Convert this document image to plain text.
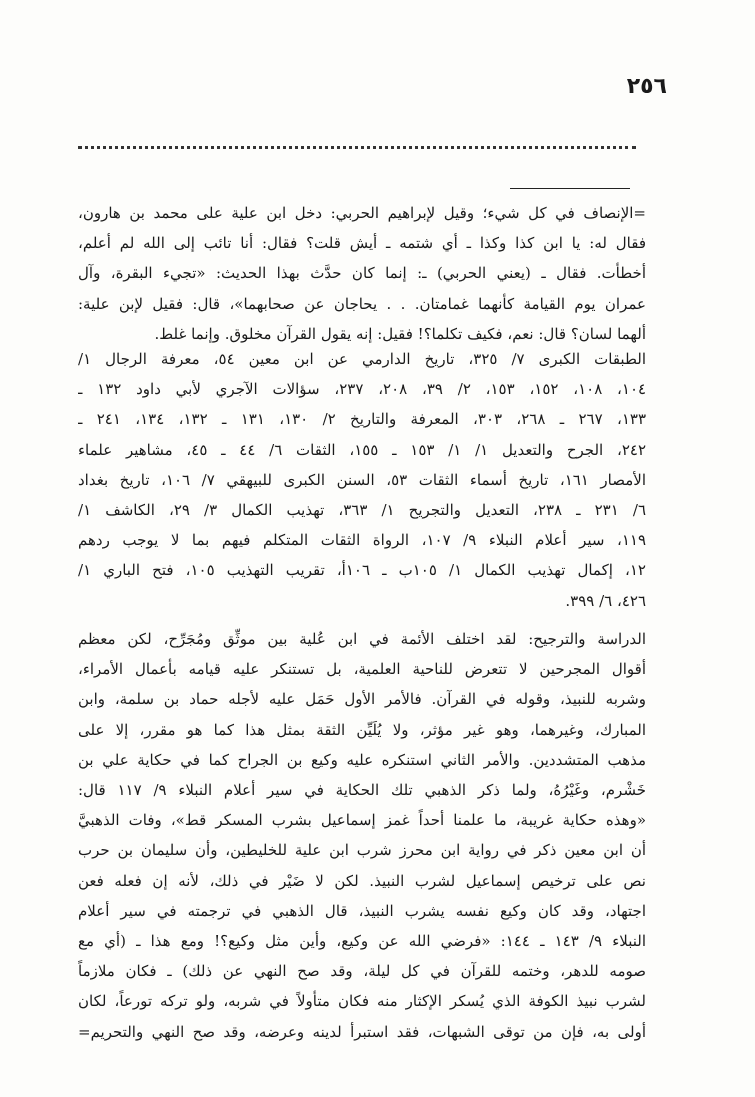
٢٥٦
=الإنصاف في كل شيء؛ وقيل لإبراهيم الحربي: دخل ابن علية على محمد بن هارون،
فقال له: يا ابن كذا وكذا ـ أي شتمه ـ أيش قلت؟ فقال: أنا تائب إلى الله لم أعلم،
أخطأت. فقال ـ (يعني الحربي) ـ: إنما كان حدَّث بهذا الحديث: «تجيء البقرة، وآل
عمران يوم القيامة كأنهما غمامتان. . . يحاجان عن صحابهما»، قال: فقيل لإبن علية:
ألهما لسان؟ قال: نعم، فكيف تكلما؟! فقيل: إنه يقول القرآن مخلوق. وإنما غلط.
الطبقات الكبرى ٧/ ٣٢٥، تاريخ الدارمي عن ابن معين ٥٤، معرفة الرجال ١/
١٠٤، ١٠٨، ١٥٢، ١٥٣، ٢/ ٣٩، ٢٠٨، ٢٣٧، سؤالات الآجري لأبي داود ١٣٢ ـ
١٣٣، ٢٦٧ ـ ٢٦٨، ٣٠٣، المعرفة والتاريخ ٢/ ١٣٠، ١٣١ ـ ١٣٢، ١٣٤، ٢٤١ ـ
٢٤٢، الجرح والتعديل ١/ ١/ ١٥٣ ـ ١٥٥، الثقات ٦/ ٤٤ ـ ٤٥، مشاهير علماء
الأمصار ١٦١، تاريخ أسماء الثقات ٥٣، السنن الكبرى للبيهقي ٧/ ١٠٦، تاريخ بغداد
٦/ ٢٣١ ـ ٢٣٨، التعديل والتجريح ١/ ٣٦٣، تهذيب الكمال ٣/ ٢٩، الكاشف ١/
١١٩، سير أعلام النبلاء ٩/ ١٠٧، الرواة الثقات المتكلم فيهم بما لا يوجب ردهم
١٢، إكمال تهذيب الكمال ١/ ١٠٥ب ـ ١٠٦أ، تقريب التهذيب ١٠٥، فتح الباري ١/
٤٢٦، ٦/ ٣٩٩.
الدراسة والترجيح: لقد اختلف الأئمة في ابن عُلية بين موثِّق ومُجَرِّح، لكن معظم
أقوال المجرحين لا تتعرض للناحية العلمية، بل تستنكر عليه قيامه بأعمال الأمراء،
وشربه للنبيذ، وقوله في القرآن. فالأمر الأول حَمَل عليه لأجله حماد بن سلمة، وابن
المبارك، وغيرهما، وهو غير مؤثر، ولا يُلَيِّن الثقة بمثل هذا كما هو مقرر، إلا على
مذهب المتشددين. والأمر الثاني استنكره عليه وكيع بن الجراح كما في حكاية علي بن
خَشْرم، وغَيْرُهُ، ولما ذكر الذهبي تلك الحكاية في سير أعلام النبلاء ٩/ ١١٧ قال:
«وهذه حكاية غريبة، ما علمنا أحداً غمز إسماعيل بشرب المسكر قط»، وفات الذهبيَّ
أن ابن معين ذكر في رواية ابن محرز شرب ابن علية للخليطين، وأن سليمان بن حرب
نص على ترخيص إسماعيل لشرب النبيذ. لكن لا ضَيْر في ذلك، لأنه إن فعله فعن
اجتهاد، وقد كان وكيع نفسه يشرب النبيذ، قال الذهبي في ترجمته في سير أعلام
النبلاء ٩/ ١٤٣ ـ ١٤٤: «فرضي الله عن وكيع، وأين مثل وكيع؟! ومع هذا ـ (أي مع
صومه للدهر، وختمه للقرآن في كل ليلة، وقد صح النهي عن ذلك) ـ فكان ملازماً
لشرب نبيذ الكوفة الذي يُسكر الإكثار منه فكان متأولاً في شربه، ولو تركه تورعاً، لكان
أولى به، فإن من توقى الشبهات، فقد استبرأ لدينه وعرضه، وقد صح النهي والتحريم=
